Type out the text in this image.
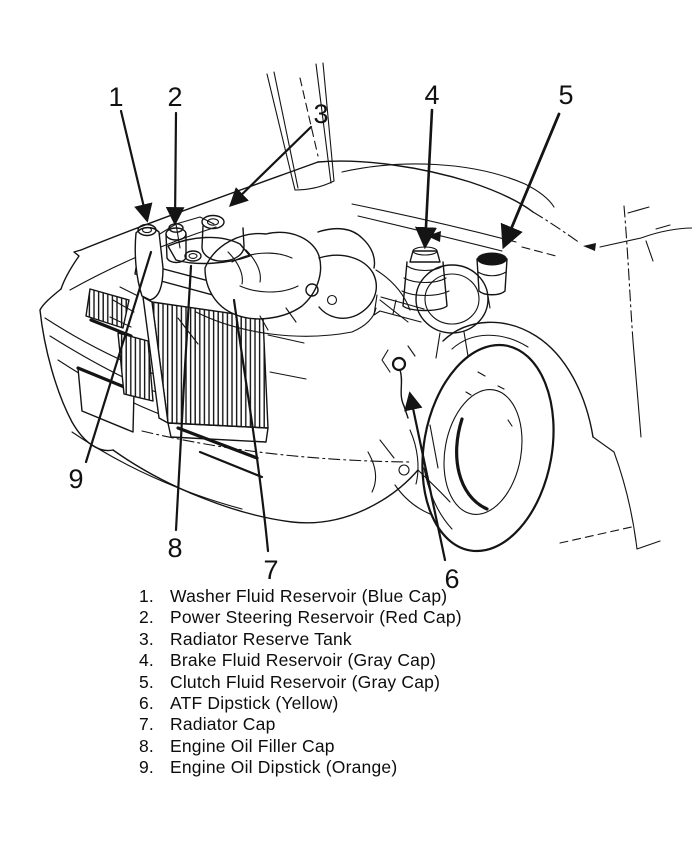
1 2
3
4	5
6
7
8
9
1. Washer Fluid Reservoir (Blue Cap)
2. Power Steering Reservoir (Red Cap)
3. Radiator Reserve Tank
4. Brake Fluid Reservoir (Gray Cap)
5. Clutch Fluid Reservoir (Gray Cap)
6. ATF Dipstick (Yellow)
7. Radiator Cap
8. Engine Oil Filler Cap
9. Engine Oil Dipstick (Orange)
